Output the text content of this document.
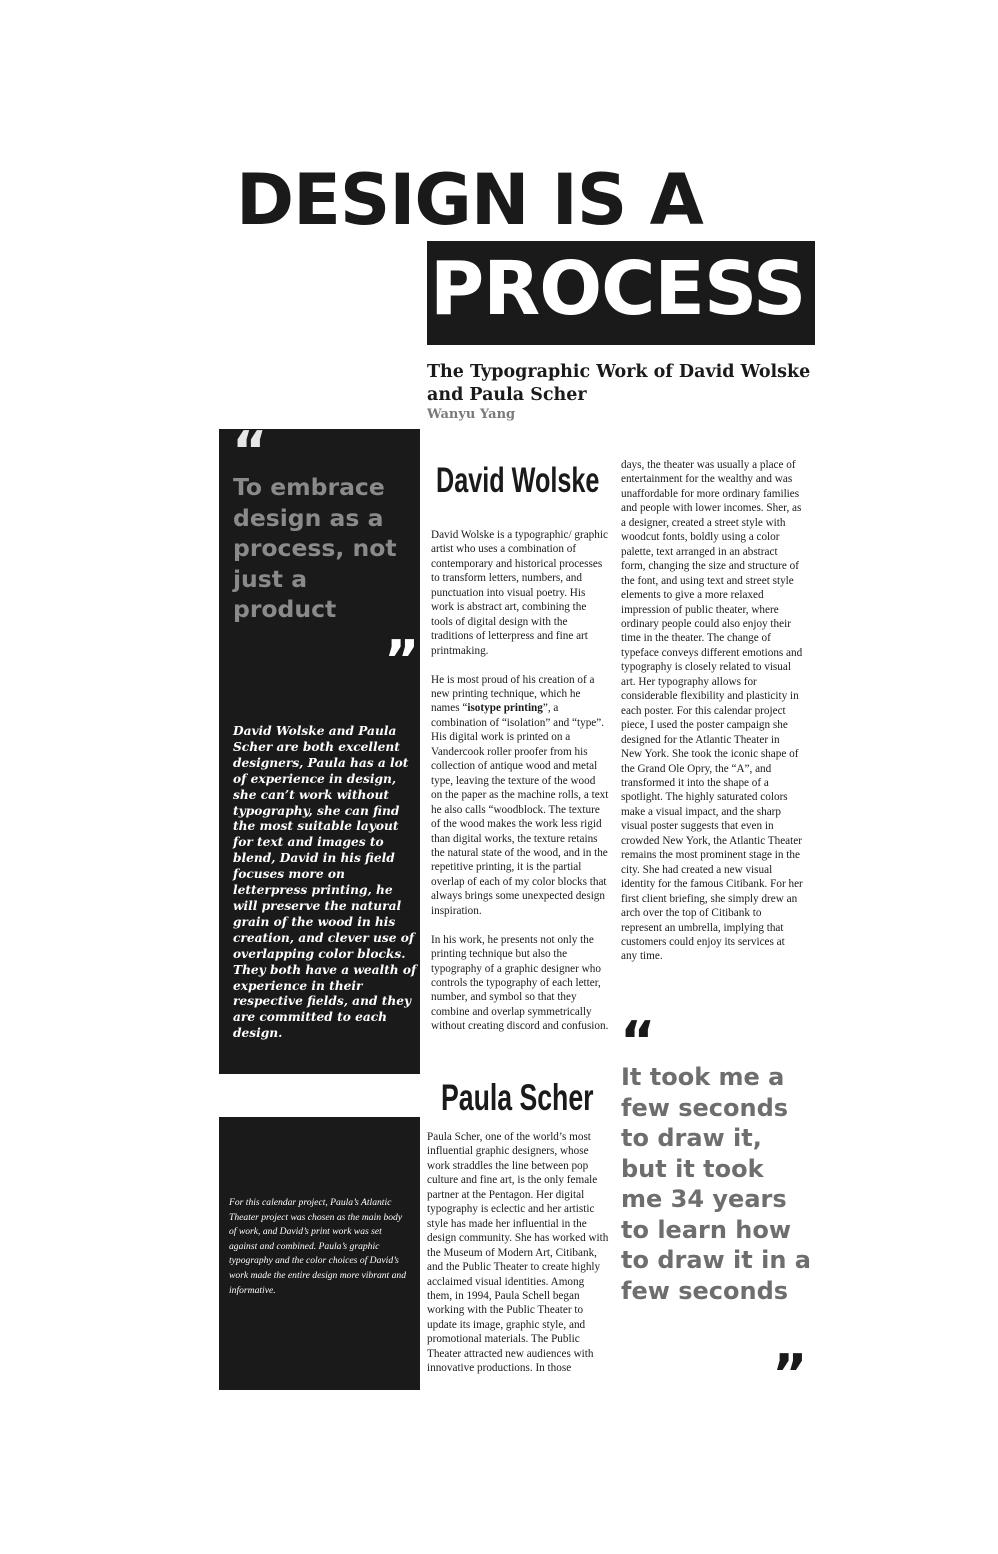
DESIGN IS A
PROCESS
The Typographic Work of David Wolske and Paula Scher
Wanyu Yang
“

To embrace design as a process, not just a product

”

David Wolske and Paula Scher are both excellent designers, Paula has a lot of experience in design, she can’t work without typography, she can find the most suitable layout for text and images to blend, David in his field focuses more on letterpress printing, he will preserve the natural grain of the wood in his creation, and clever use of overlapping color blocks. They both have a wealth of experience in their respective fields, and they are committed to each design.

For this calendar project, Paula’s Atlantic Theater project was chosen as the main body of work, and David’s print work was set against and combined. Paula’s graphic typography and the color choices of David’s work made the entire design more vibrant and informative.

David Wolske

David Wolske is a typographic/ graphic artist who uses a combination of contemporary and historical processes to transform letters, numbers, and punctuation into visual poetry. His work is abstract art, combining the tools of digital design with the traditions of letterpress and fine art printmaking.

He is most proud of his creation of a new printing technique, which he names “isotype printing”, a combination of “isolation” and “type”. His digital work is printed on a Vandercook roller proofer from his collection of antique wood and metal type, leaving the texture of the wood on the paper as the machine rolls, a text he also calls “woodblock. The texture of the wood makes the work less rigid than digital works, the texture retains the natural state of the wood, and in the repetitive printing, it is the partial overlap of each of my color blocks that always brings some unexpected design inspiration.

In his work, he presents not only the printing technique but also the typography of a graphic designer who controls the typography of each letter, number, and symbol so that they combine and overlap symmetrically without creating discord and confusion.

Paula Scher

Paula Scher, one of the world’s most influential graphic designers, whose work straddles the line between pop culture and fine art, is the only female partner at the Pentagon. Her digital typography is eclectic and her artistic style has made her influential in the design community. She has worked with the Museum of Modern Art, Citibank, and the Public Theater to create highly acclaimed visual identities. Among them, in 1994, Paula Schell began working with the Public Theater to update its image, graphic style, and promotional materials. The Public Theater attracted new audiences with innovative productions. In those

days, the theater was usually a place of entertainment for the wealthy and was unaffordable for more ordinary families and people with lower incomes. Sher, as a designer, created a street style with woodcut fonts, boldly using a color palette, text arranged in an abstract form, changing the size and structure of the font, and using text and street style elements to give a more relaxed impression of public theater, where ordinary people could also enjoy their time in the theater. The change of typeface conveys different emotions and typography is closely related to visual art. Her typography allows for considerable flexibility and plasticity in each poster. For this calendar project piece, I used the poster campaign she designed for the Atlantic Theater in New York. She took the iconic shape of the Grand Ole Opry, the “A”, and transformed it into the shape of a spotlight. The highly saturated colors make a visual impact, and the sharp visual poster suggests that even in crowded New York, the Atlantic Theater remains the most prominent stage in the city. She had created a new visual identity for the famous Citibank. For her first client briefing, she simply drew an arch over the top of Citibank to represent an umbrella, implying that customers could enjoy its services at any time.

“

It took me a few seconds to draw it, but it took me 34 years to learn how to draw it in a few seconds

”
